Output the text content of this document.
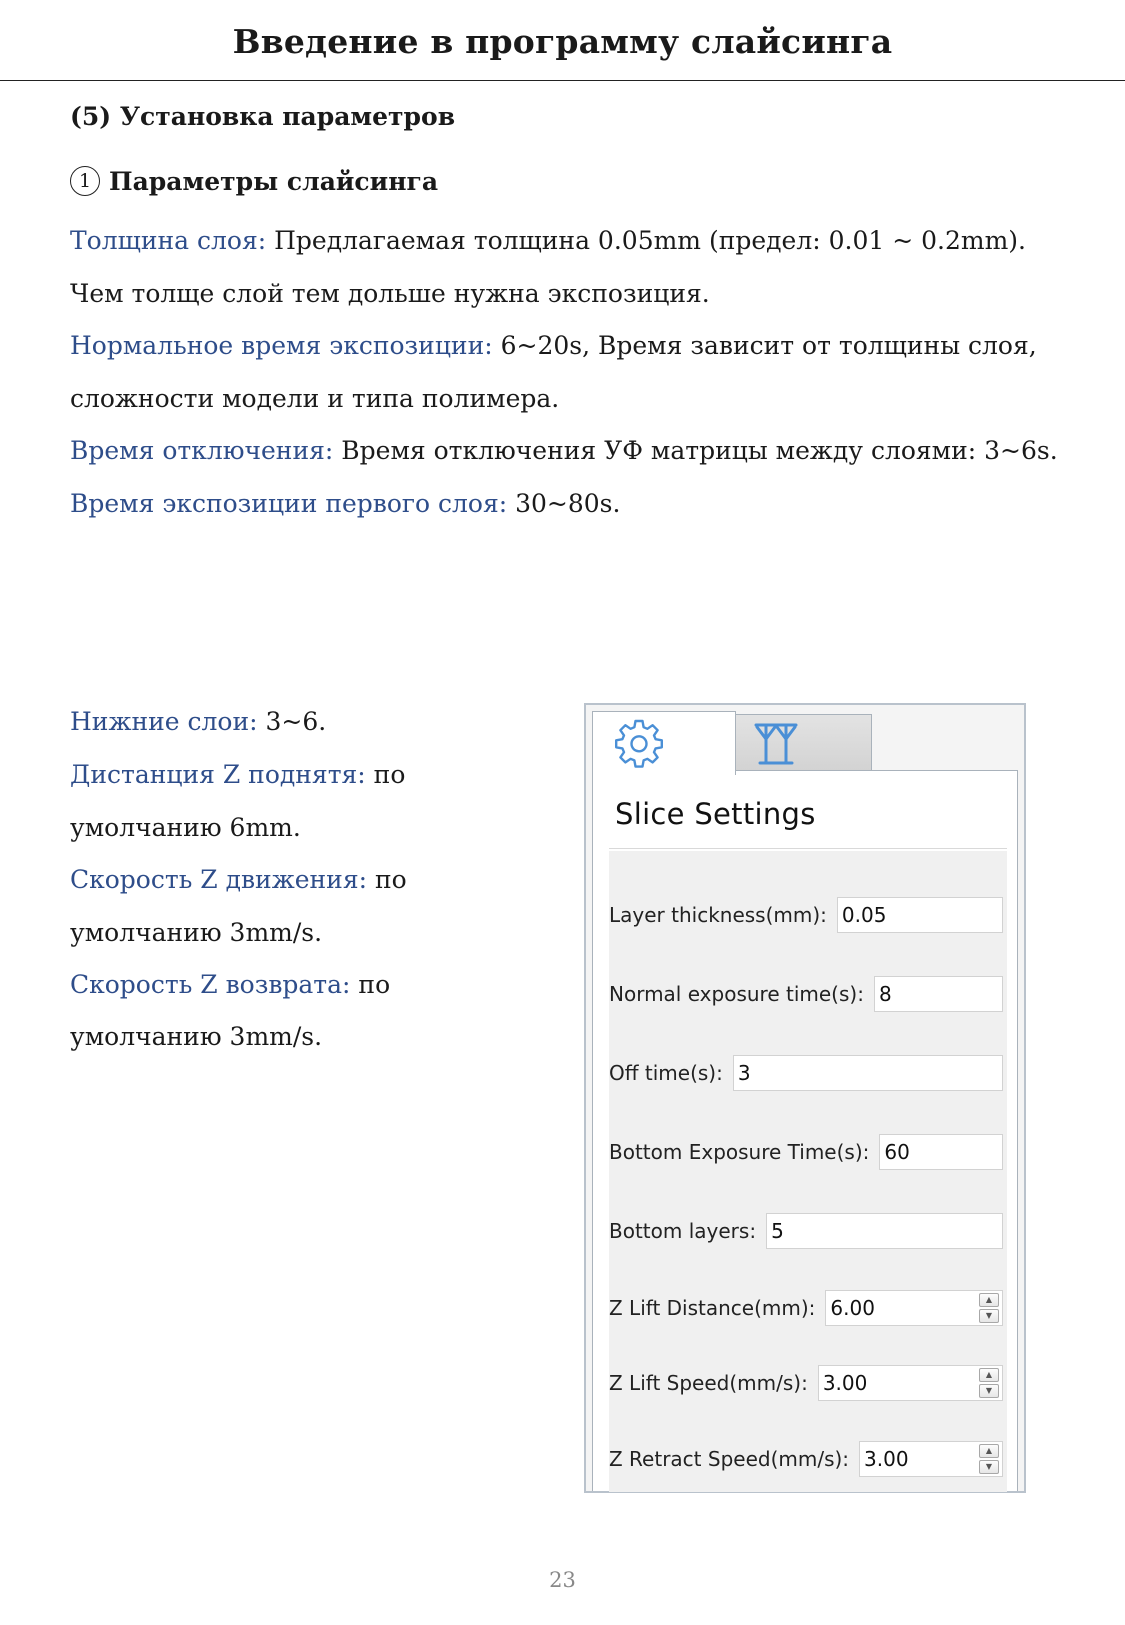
Введение в программу слайсинга
(5) Установка параметров
1 Параметры слайсинга
Толщина слоя: Предлагаемая толщина 0.05mm (предел: 0.01 ~ 0.2mm).
Чем толще слой тем дольше нужна экспозиция.
Нормальное время экспозиции: 6~20s, Время зависит от толщины слоя,
сложности модели и типа полимера.
Время отключения: Время отключения УФ матрицы между слоями: 3~6s.
Время экспозиции первого слоя: 30~80s.
Нижние слои: 3~6.
Дистанция Z поднятя: по
умолчанию 6mm.
Скорость Z движения: по
умолчанию 3mm/s.
Скорость Z возврата: по
умолчанию 3mm/s.
Slice Settings
Layer thickness(mm): 0.05
Normal exposure time(s): 8
Off time(s): 3
Bottom Exposure Time(s): 60
Bottom layers: 5
Z Lift Distance(mm): 6.00	▲
▼
Z Lift Speed(mm/s): 3.00	▲
▼
Z Retract Speed(mm/s): 3.00	▲
▼
23
